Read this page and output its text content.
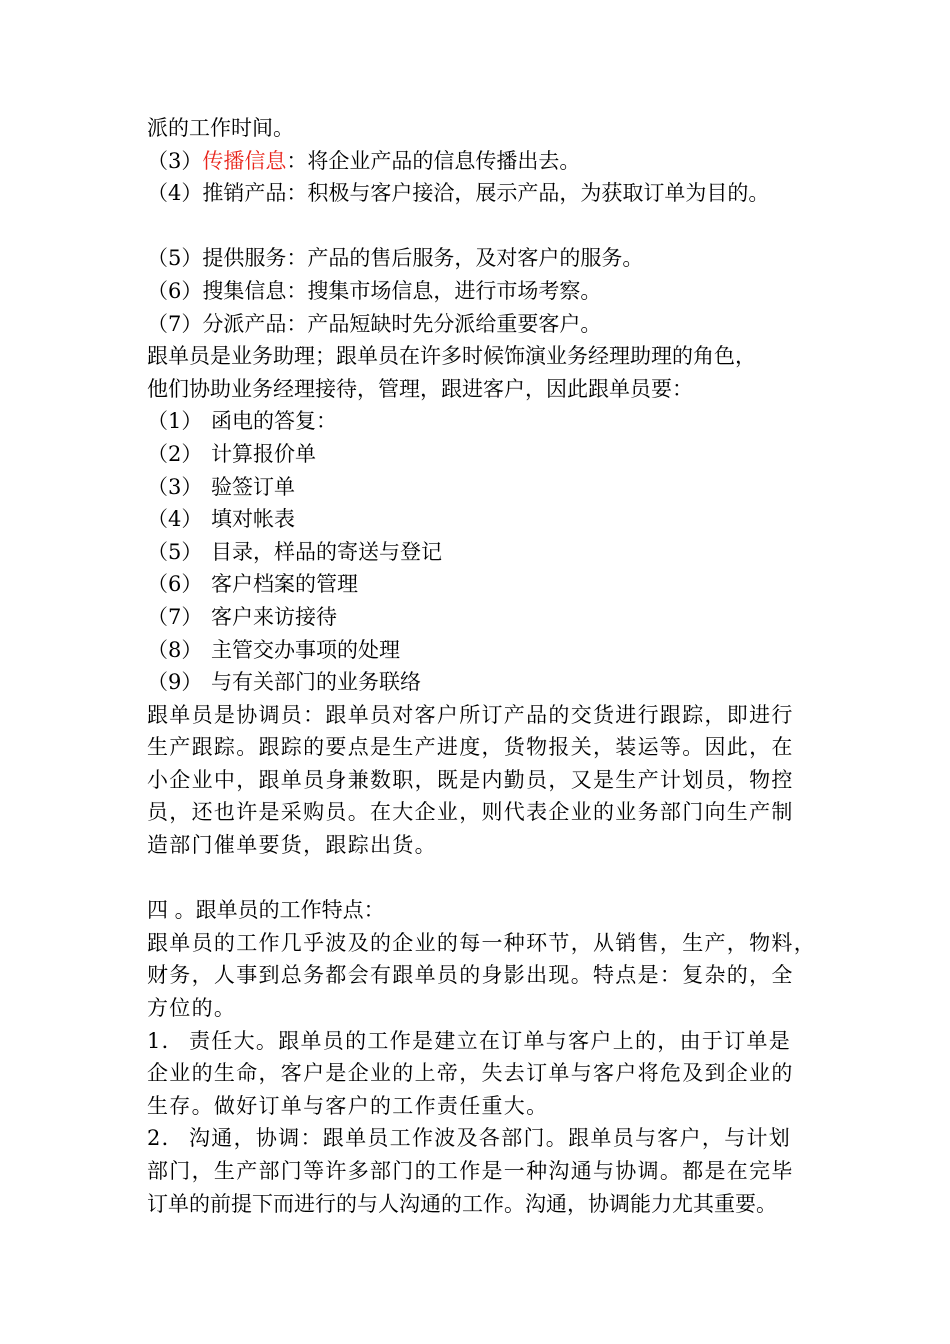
派的工作时间。
（3）传播信息：将企业产品的信息传播出去。
（4）推销产品：积极与客户接洽，展示产品，为获取订单为目的。
（5）提供服务：产品的售后服务，及对客户的服务。
（6）搜集信息：搜集市场信息，进行市场考察。
（7）分派产品：产品短缺时先分派给重要客户。
跟单员是业务助理；跟单员在许多时候饰演业务经理助理的角色，
他们协助业务经理接待，管理，跟进客户，因此跟单员要：
（1） 函电的答复：
（2） 计算报价单
（3） 验签订单
（4） 填对帐表
（5） 目录，样品的寄送与登记
（6） 客户档案的管理
（7） 客户来访接待
（8） 主管交办事项的处理
（9） 与有关部门的业务联络
跟单员是协调员：跟单员对客户所订产品的交货进行跟踪，即进行
生产跟踪。跟踪的要点是生产进度，货物报关，装运等。因此，在
小企业中，跟单员身兼数职，既是内勤员，又是生产计划员，物控
员，还也许是采购员。在大企业，则代表企业的业务部门向生产制
造部门催单要货，跟踪出货。
四 。跟单员的工作特点：
跟单员的工作几乎波及的企业的每一种环节，从销售，生产，物料，
财务，人事到总务都会有跟单员的身影出现。特点是：复杂的，全
方位的。
1． 责任大。跟单员的工作是建立在订单与客户上的，由于订单是
企业的生命，客户是企业的上帝，失去订单与客户将危及到企业的
生存。做好订单与客户的工作责任重大。
2． 沟通，协调：跟单员工作波及各部门。跟单员与客户，与计划
部门，生产部门等许多部门的工作是一种沟通与协调。都是在完毕
订单的前提下而进行的与人沟通的工作。沟通，协调能力尤其重要。
